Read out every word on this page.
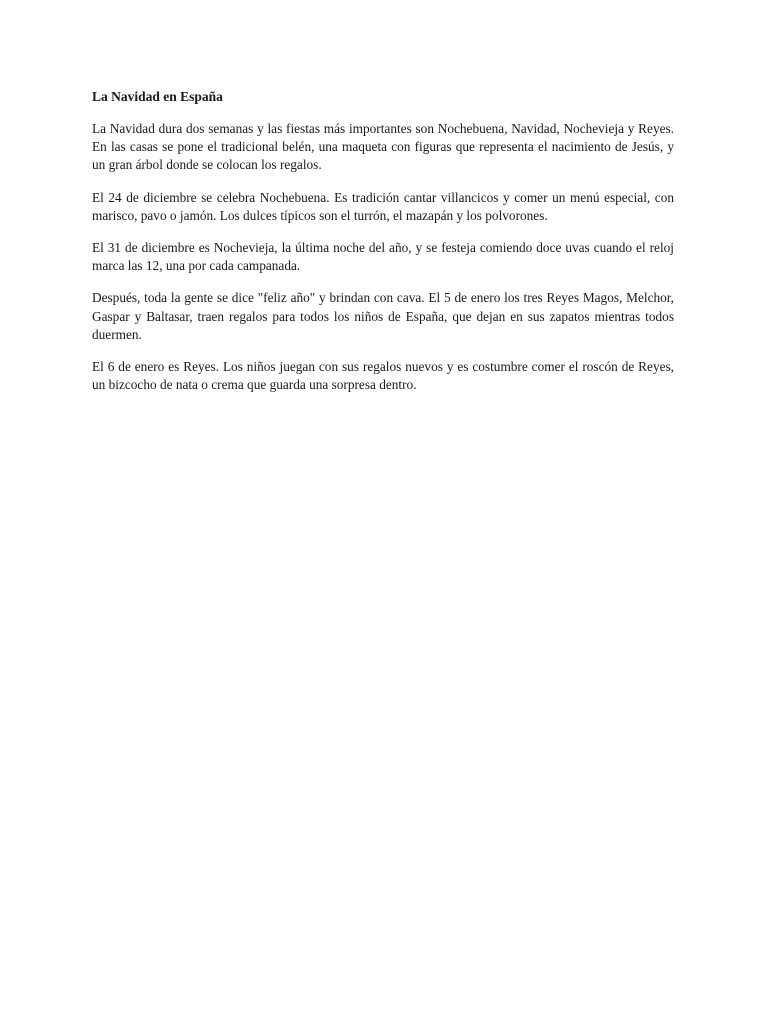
La Navidad en España

La Navidad dura dos semanas y las fiestas más importantes son Nochebuena, Navidad, Nochevieja y Reyes. En las casas se pone el tradicional belén, una maqueta con figuras que representa el nacimiento de Jesús, y un gran árbol donde se colocan los regalos.

El 24 de diciembre se celebra Nochebuena. Es tradición cantar villancicos y comer un menú especial, con marisco, pavo o jamón. Los dulces típicos son el turrón, el mazapán y los polvorones.

El 31 de diciembre es Nochevieja, la última noche del año, y se festeja comiendo doce uvas cuando el reloj marca las 12, una por cada campanada.

Después, toda la gente se dice "feliz año" y brindan con cava. El 5 de enero los tres Reyes Magos, Melchor, Gaspar y Baltasar, traen regalos para todos los niños de España, que dejan en sus zapatos mientras todos duermen.

El 6 de enero es Reyes. Los niños juegan con sus regalos nuevos y es costumbre comer el roscón de Reyes, un bizcocho de nata o crema que guarda una sorpresa dentro.
